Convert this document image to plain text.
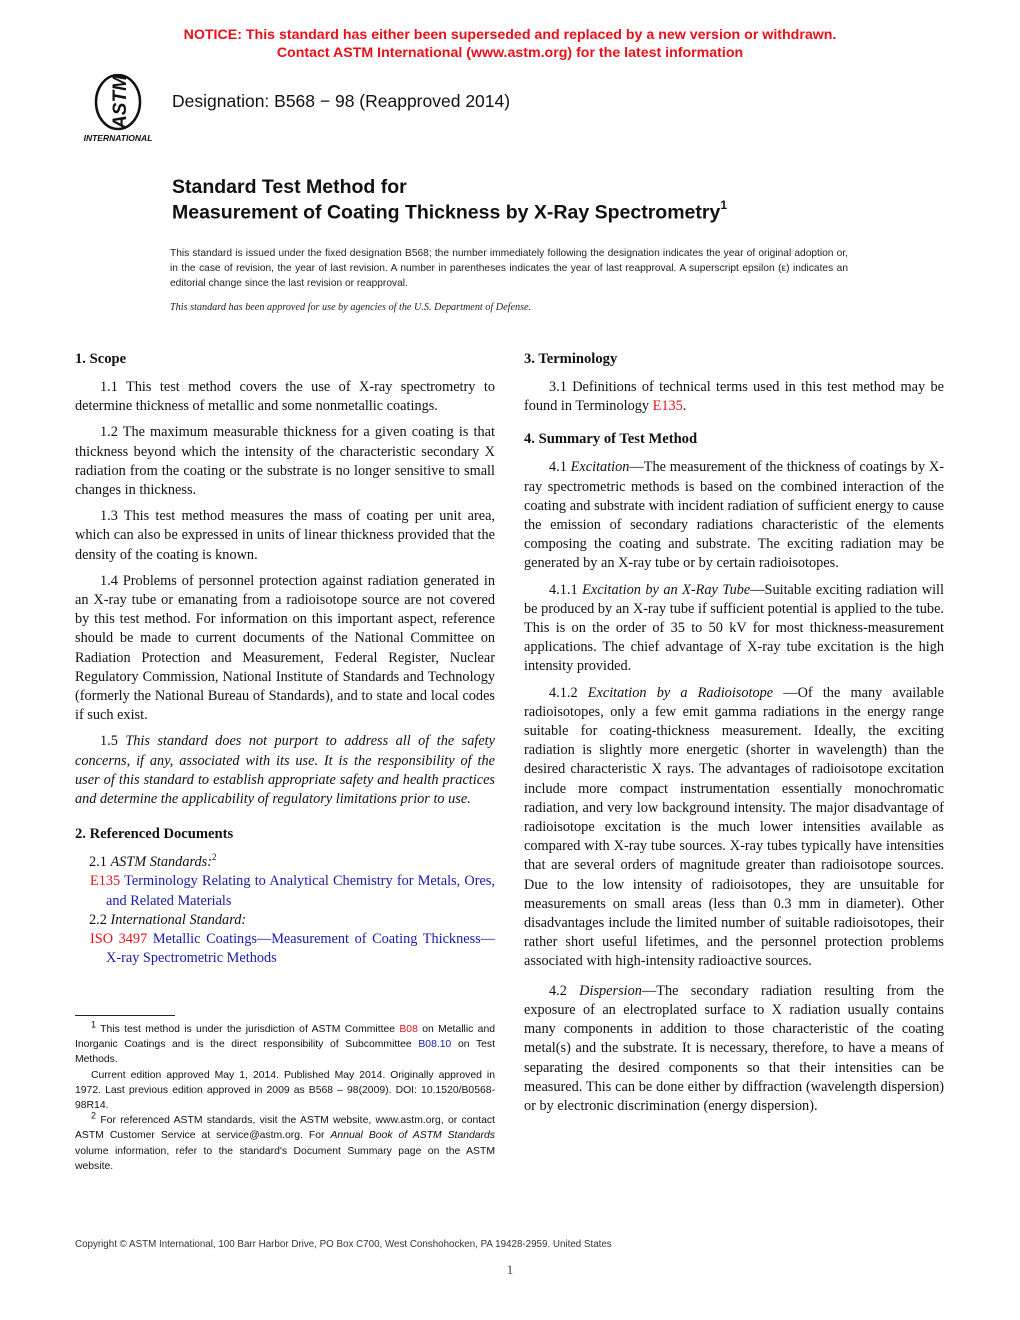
NOTICE: This standard has either been superseded and replaced by a new version or withdrawn.
Contact ASTM International (www.astm.org) for the latest information
ASTM
INTERNATIONAL
Designation: B568 − 98 (Reapproved 2014)
Standard Test Method for
Measurement of Coating Thickness by X-Ray Spectrometry$^1$
This standard is issued under the fixed designation B568; the number immediately following the designation indicates the year of original adoption or, in the case of revision, the year of last revision. A number in parentheses indicates the year of last reapproval. A superscript epsilon (ε) indicates an editorial change since the last revision or reapproval.
This standard has been approved for use by agencies of the U.S. Department of Defense.
1. Scope

1.1 This test method covers the use of X-ray spectrometry to determine thickness of metallic and some nonmetallic coatings.

1.2 The maximum measurable thickness for a given coating is that thickness beyond which the intensity of the characteristic secondary X radiation from the coating or the substrate is no longer sensitive to small changes in thickness.

1.3 This test method measures the mass of coating per unit area, which can also be expressed in units of linear thickness provided that the density of the coating is known.

1.4 Problems of personnel protection against radiation generated in an X-ray tube or emanating from a radioisotope source are not covered by this test method. For information on this important aspect, reference should be made to current documents of the National Committee on Radiation Protection and Measurement, Federal Register, Nuclear Regulatory Commission, National Institute of Standards and Technology (formerly the National Bureau of Standards), and to state and local codes if such exist.

1.5 This standard does not purport to address all of the safety concerns, if any, associated with its use. It is the responsibility of the user of this standard to establish appropriate safety and health practices and determine the applicability of regulatory limitations prior to use.

2. Referenced Documents

2.1 ASTM Standards:$^2$

E135 Terminology Relating to Analytical Chemistry for Metals, Ores, and Related Materials

2.2 International Standard:

ISO 3497 Metallic Coatings—Measurement of Coating Thickness—X-ray Spectrometric Methods

1 This test method is under the jurisdiction of ASTM Committee B08 on Metallic and Inorganic Coatings and is the direct responsibility of Subcommittee B08.10 on Test Methods.

Current edition approved May 1, 2014. Published May 2014. Originally approved in 1972. Last previous edition approved in 2009 as B568 – 98(2009). DOI: 10.1520/B0568-98R14.

2 For referenced ASTM standards, visit the ASTM website, www.astm.org, or contact ASTM Customer Service at service@astm.org. For Annual Book of ASTM Standards volume information, refer to the standard's Document Summary page on the ASTM website.

3. Terminology

3.1 Definitions of technical terms used in this test method may be found in Terminology E135.

4. Summary of Test Method

4.1 Excitation—The measurement of the thickness of coatings by X-ray spectrometric methods is based on the combined interaction of the coating and substrate with incident radiation of sufficient energy to cause the emission of secondary radiations characteristic of the elements composing the coating and substrate. The exciting radiation may be generated by an X-ray tube or by certain radioisotopes.

4.1.1 Excitation by an X-Ray Tube—Suitable exciting radiation will be produced by an X-ray tube if sufficient potential is applied to the tube. This is on the order of 35 to 50 kV for most thickness-measurement applications. The chief advantage of X-ray tube excitation is the high intensity provided.

4.1.2 Excitation by a Radioisotope —Of the many available radioisotopes, only a few emit gamma radiations in the energy range suitable for coating-thickness measurement. Ideally, the exciting radiation is slightly more energetic (shorter in wavelength) than the desired characteristic X rays. The advantages of radioisotope excitation include more compact instrumentation essentially monochromatic radiation, and very low background intensity. The major disadvantage of radioisotope excitation is the much lower intensities available as compared with X-ray tube sources. X-ray tubes typically have intensities that are several orders of magnitude greater than radioisotope sources. Due to the low intensity of radioisotopes, they are unsuitable for measurements on small areas (less than 0.3 mm in diameter). Other disadvantages include the limited number of suitable radioisotopes, their rather short useful lifetimes, and the personnel protection problems associated with high-intensity radioactive sources.

4.2 Dispersion—The secondary radiation resulting from the exposure of an electroplated surface to X radiation usually contains many components in addition to those characteristic of the coating metal(s) and the substrate. It is necessary, therefore, to have a means of separating the desired components so that their intensities can be measured. This can be done either by diffraction (wavelength dispersion) or by electronic discrimination (energy dispersion).

Copyright © ASTM International, 100 Barr Harbor Drive, PO Box C700, West Conshohocken, PA 19428-2959. United States
1
